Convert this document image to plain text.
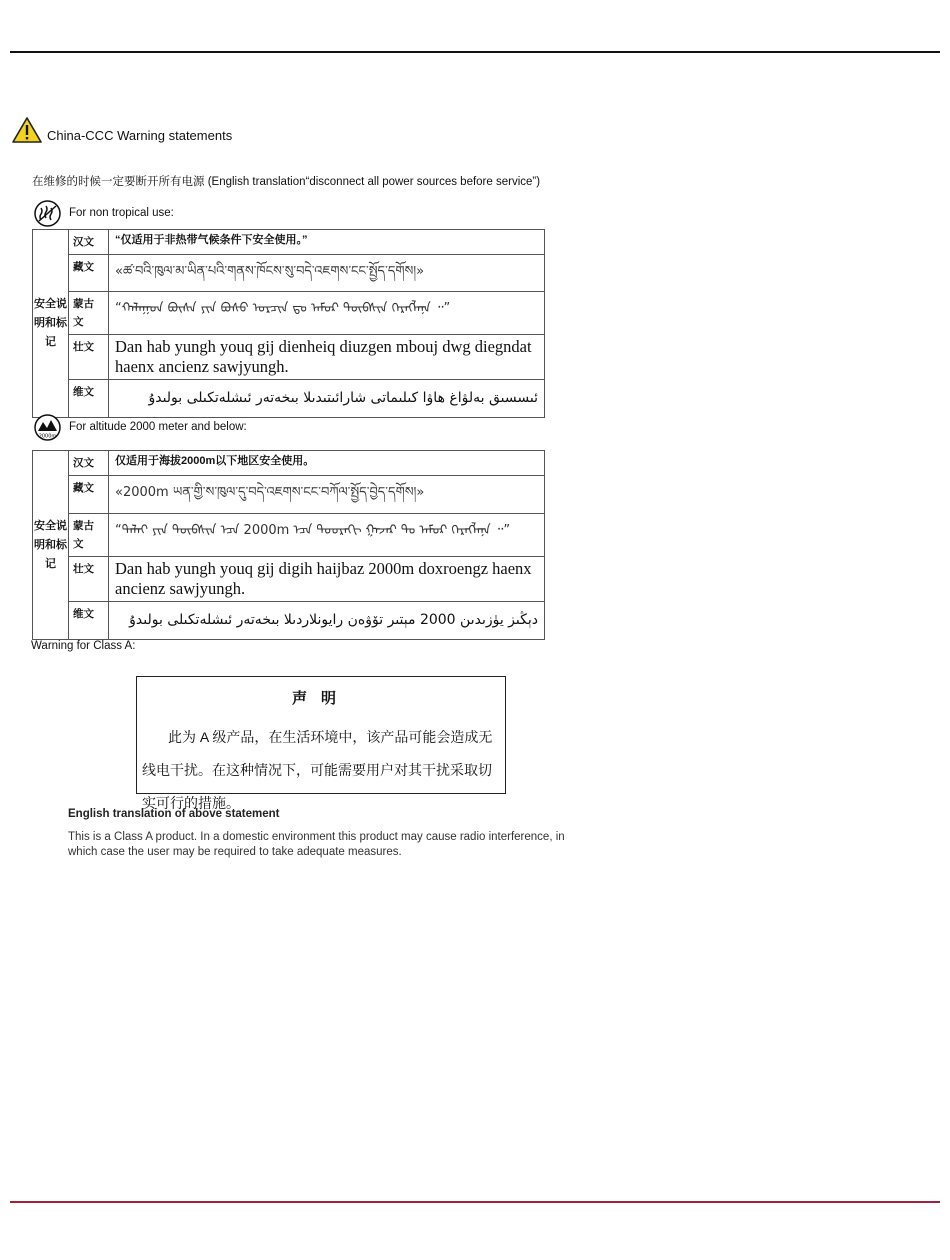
China-CCC Warning statements
在维修的时候一定要断开所有电源 (English translation“disconnect all power sources before service”)
For non tropical use:
安全说明和标记	汉文	“仅适用于非热带气候条件下安全使用。”

	藏文	«ཚ་བའི་ཁུལ་མ་ཡིན་པའི་གནས་ཁོངས་སུ་བདེ་འཇགས་ངང་སྤྱོད་དགོས།»

	蒙古文	“ᠬᠠᠯᠠᠭᠤᠨ ᠪᠦᠰᠡ ᠶᠢᠨ ᠪᠤᠰᠤ ᠤᠷᠴᠢᠨ ᠳᠤ ᠠᠮᠤᠷ ᠲᠦᠪᠰᠢᠨ ᠬᠡᠷᠡᠭᠯᠡᠨᠡ ᠃”

	壮文	Dan hab yungh youq gij dienheiq diuzgen mbouj dwg diegndat haenx ancienz sawjyungh.

	维文	ئىسسىق بەلۋاغ ھاۋا كىلىماتى شارائىتىدىلا بىخەتەر ئىشلەتكىلى بولىدۇ
2000m
For altitude 2000 meter and below:
安全说明和标记	汉文	仅适用于海拔2000m以下地区安全使用。

	藏文	«2000m ཡན་གྱི་ས་ཁུལ་དུ་བདེ་འཇགས་ངང་བཀོལ་སྤྱོད་བྱེད་དགོས།»

	蒙古文	“ᠳᠠᠯᠠᠢ ᠶᠢᠨ ᠲᠦᠪᠰᠢᠨ ᠡᠴᠡ 2000m ᠡᠴᠡ ᠳᠣᠣᠷᠠᠬᠢ ᠭᠠᠵᠠᠷ ᠲᠤ ᠠᠮᠤᠷ ᠬᠡᠷᠡᠭᠯᠡᠨᠡ ᠃”

	壮文	Dan hab yungh youq gij digih haijbaz 2000m doxroengz haenx ancienz sawjyungh.

	维文	دېڭىز يۈزىدىن 2000 مېتىر تۆۋەن رايونلاردىلا بىخەتەر ئىشلەتكىلى بولىدۇ
Warning for Class A:
声明
此为 A 级产品，在生活环境中，该产品可能会造成无线电干扰。在这种情况下，可能需要用户对其干扰采取切实可行的措施。
English translation of above statement
This is a Class A product. In a domestic environment this product may cause radio interference, in which case the user may be required to take adequate measures.
